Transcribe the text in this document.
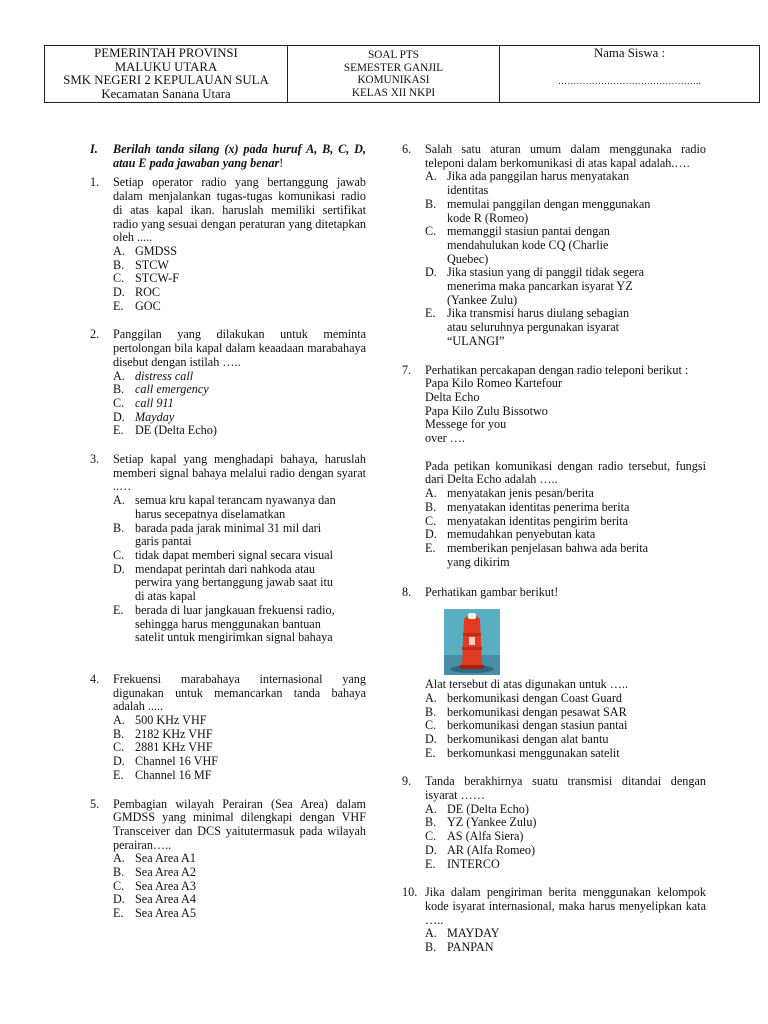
PEMERINTAH PROVINSI
MALUKU UTARA
SMK NEGERI 2 KEPULAUAN SULA
Kecamatan Sanana Utara
SOAL PTS
SEMESTER GANJIL
KOMUNIKASI
KELAS XII NKPI
Nama Siswa :
………………………………………..
I.	Berilah tanda silang (x) pada huruf A, B, C, D, atau E pada jawaban yang benar!
1.	Setiap operator radio yang bertanggung jawab dalam menjalankan tugas-tugas komunikasi radio di atas kapal ikan. haruslah memiliki sertifikat radio yang sesuai dengan peraturan yang ditetapkan oleh .....
A. GMDSS
B. STCW
C. STCW-F
D. ROC
E. GOC
2.	Panggilan yang dilakukan untuk meminta pertolongan bila kapal dalam keaadaan marabahaya disebut dengan istilah …..
A. distress call
B. call emergency
C. call 911
D. Mayday
E. DE (Delta Echo)
3.	Setiap kapal yang menghadapi bahaya, haruslah memberi signal bahaya melalui radio dengan syarat ..…
A. semua kru kapal terancam nyawanya dan
harus secepatnya diselamatkan
B. barada pada jarak minimal 31 mil dari
garis pantai
C. tidak dapat memberi signal secara visual
D. mendapat perintah dari nahkoda atau
perwira yang bertanggung jawab saat itu
di atas kapal
E. berada di luar jangkauan frekuensi radio,
sehingga harus menggunakan bantuan
satelit untuk mengirimkan signal bahaya
4.	Frekuensi marabahaya internasional yang digunakan untuk memancarkan tanda bahaya adalah .....
A. 500 KHz VHF
B. 2182 KHz VHF
C. 2881 KHz VHF
D. Channel 16 VHF
E. Channel 16 MF
5.	Pembagian wilayah Perairan (Sea Area) dalam GMDSS yang minimal dilengkapi dengan VHF Transceiver dan DCS yaitutermasuk pada wilayah perairan…..
A. Sea Area A1
B. Sea Area A2
C. Sea Area A3
D. Sea Area A4
E. Sea Area A5
6.	Salah satu aturan umum dalam menggunaka radio teleponi dalam berkomunikasi di atas kapal adalah.….
A. Jika ada panggilan harus menyatakan
identitas
B. memulai panggilan dengan menggunakan
kode R (Romeo)
C. memanggil stasiun pantai dengan
mendahulukan kode CQ (Charlie
Quebec)
D. Jika stasiun yang di panggil tidak segera
menerima maka pancarkan isyarat YZ
(Yankee Zulu)
E. Jika transmisi harus diulang sebagian
atau seluruhnya pergunakan isyarat
“ULANGI”
7.	Perhatikan percakapan dengan radio teleponi berikut :
Papa Kilo Romeo Kartefour
Delta Echo
Papa Kilo Zulu Bissotwo
Messege for you
over ….
Pada petikan komunikasi dengan radio tersebut, fungsi dari Delta Echo adalah …..
A. menyatakan jenis pesan/berita
B. menyatakan identitas penerima berita
C. menyatakan identitas pengirim berita
D. memudahkan penyebutan kata
E. memberikan penjelasan bahwa ada berita
yang dikirim
8.	Perhatikan gambar berikut!
Alat tersebut di atas digunakan untuk …..
A. berkomunikasi dengan Coast Guard
B. berkomunikasi dengan pesawat SAR
C. berkomunikasi dengan stasiun pantai
D. berkomunikasi dengan alat bantu
E. berkomunkasi menggunakan satelit
9.	Tanda berakhirnya suatu transmisi ditandai dengan isyarat ……
A. DE (Delta Echo)
B. YZ (Yankee Zulu)
C. AS (Alfa Siera)
D. AR (Alfa Romeo)
E. INTERCO
10. Jika dalam pengiriman berita menggunakan kelompok kode isyarat internasional, maka harus menyelipkan kata …..
A. MAYDAY
B. PANPAN
